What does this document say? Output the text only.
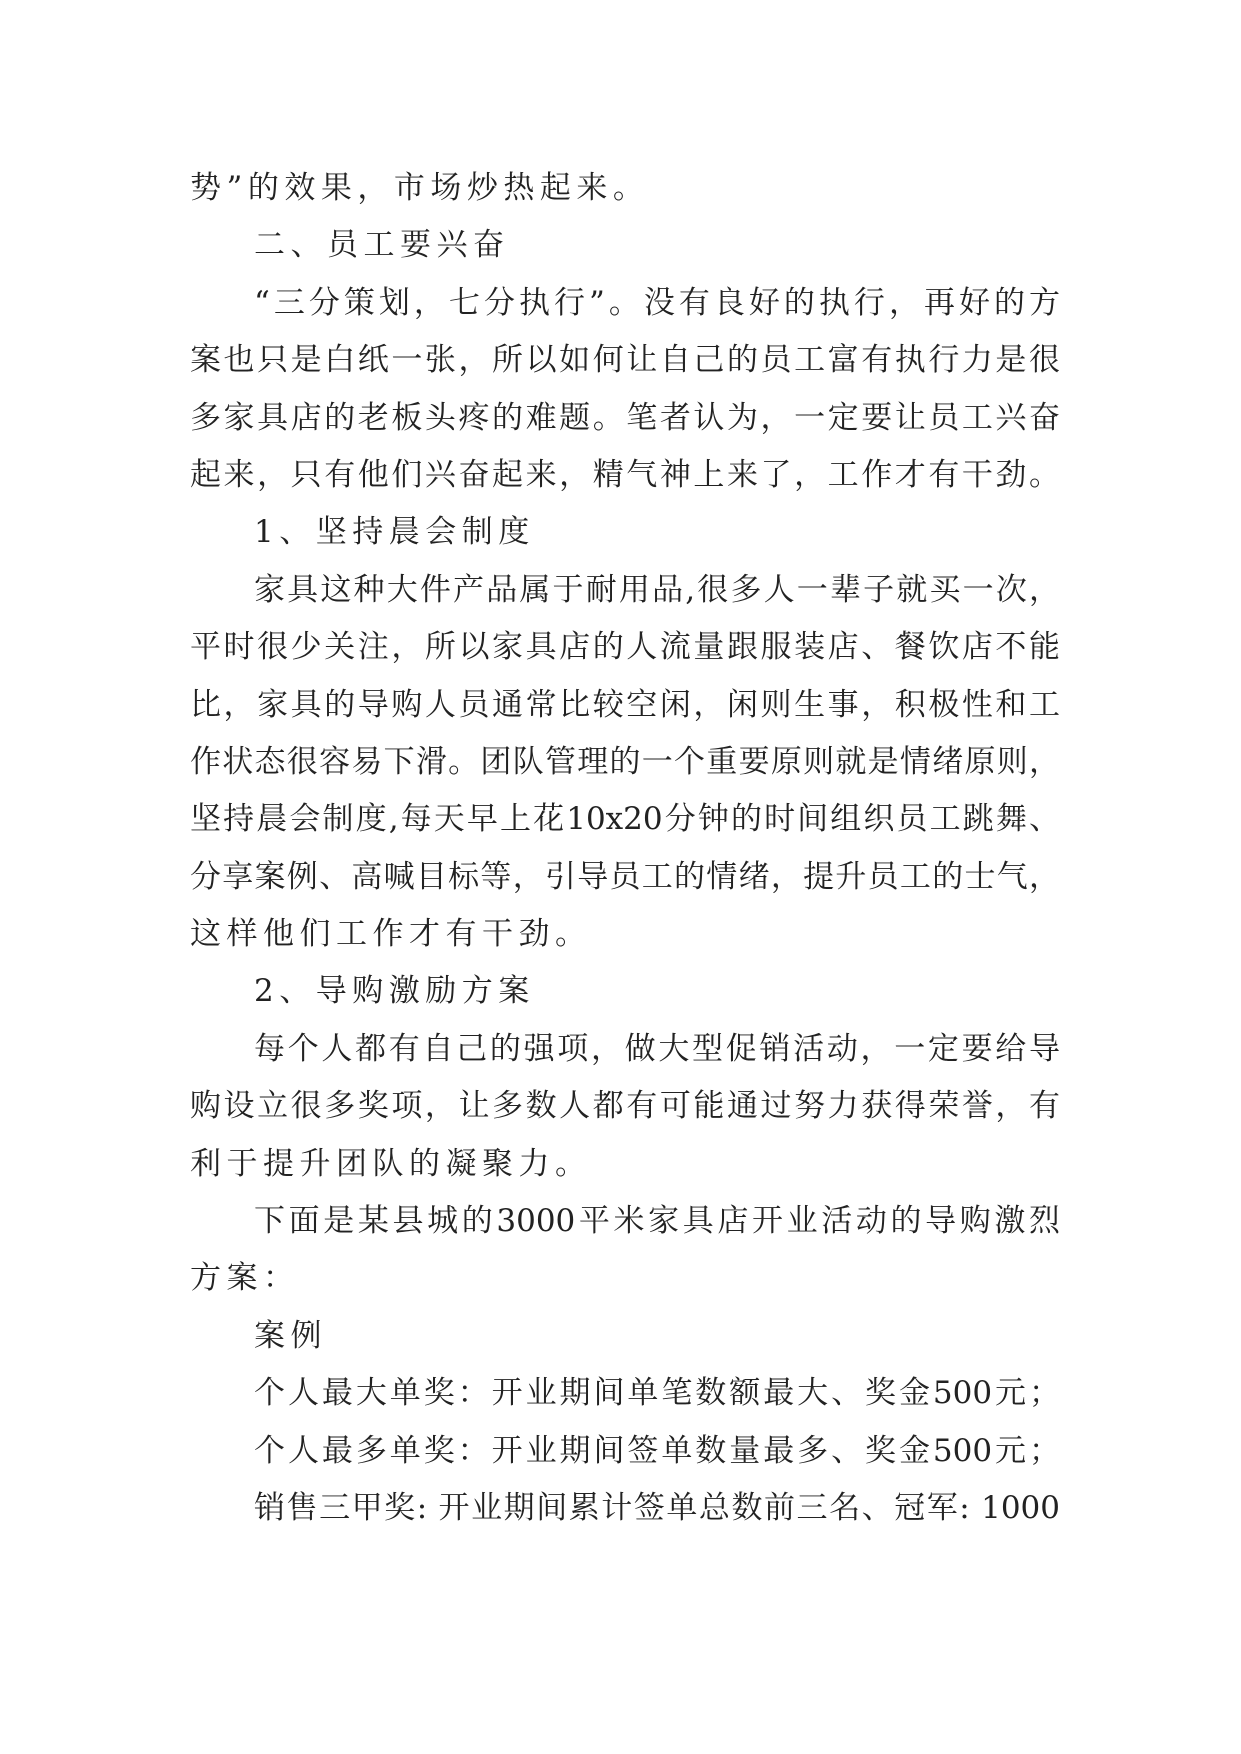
势”的效果，市场炒热起来。
二、员工要兴奋
“三分策划，七分执行”。没有良好的执行，再好的方
案也只是白纸一张，所以如何让自己的员工富有执行力是很
多家具店的老板头疼的难题。笔者认为，一定要让员工兴奋
起来，只有他们兴奋起来，精气神上来了，工作才有干劲。
1、坚持晨会制度
家具这种大件产品属于耐用品,很多人一辈子就买一次，
平时很少关注，所以家具店的人流量跟服装店、餐饮店不能
比，家具的导购人员通常比较空闲，闲则生事，积极性和工
作状态很容易下滑。团队管理的一个重要原则就是情绪原则，
坚持晨会制度,每天早上花10x20分钟的时间组织员工跳舞、
分享案例、高喊目标等，引导员工的情绪，提升员工的士气，
这样他们工作才有干劲。
2、导购激励方案
每个人都有自己的强项，做大型促销活动，一定要给导
购设立很多奖项，让多数人都有可能通过努力获得荣誉，有
利于提升团队的凝聚力。
下面是某县城的3000平米家具店开业活动的导购激烈
方案：
案例
个人最大单奖：开业期间单笔数额最大、奖金500元；
个人最多单奖：开业期间签单数量最多、奖金500元；
销售三甲奖: 开业期间累计签单总数前三名、冠军: 1000
